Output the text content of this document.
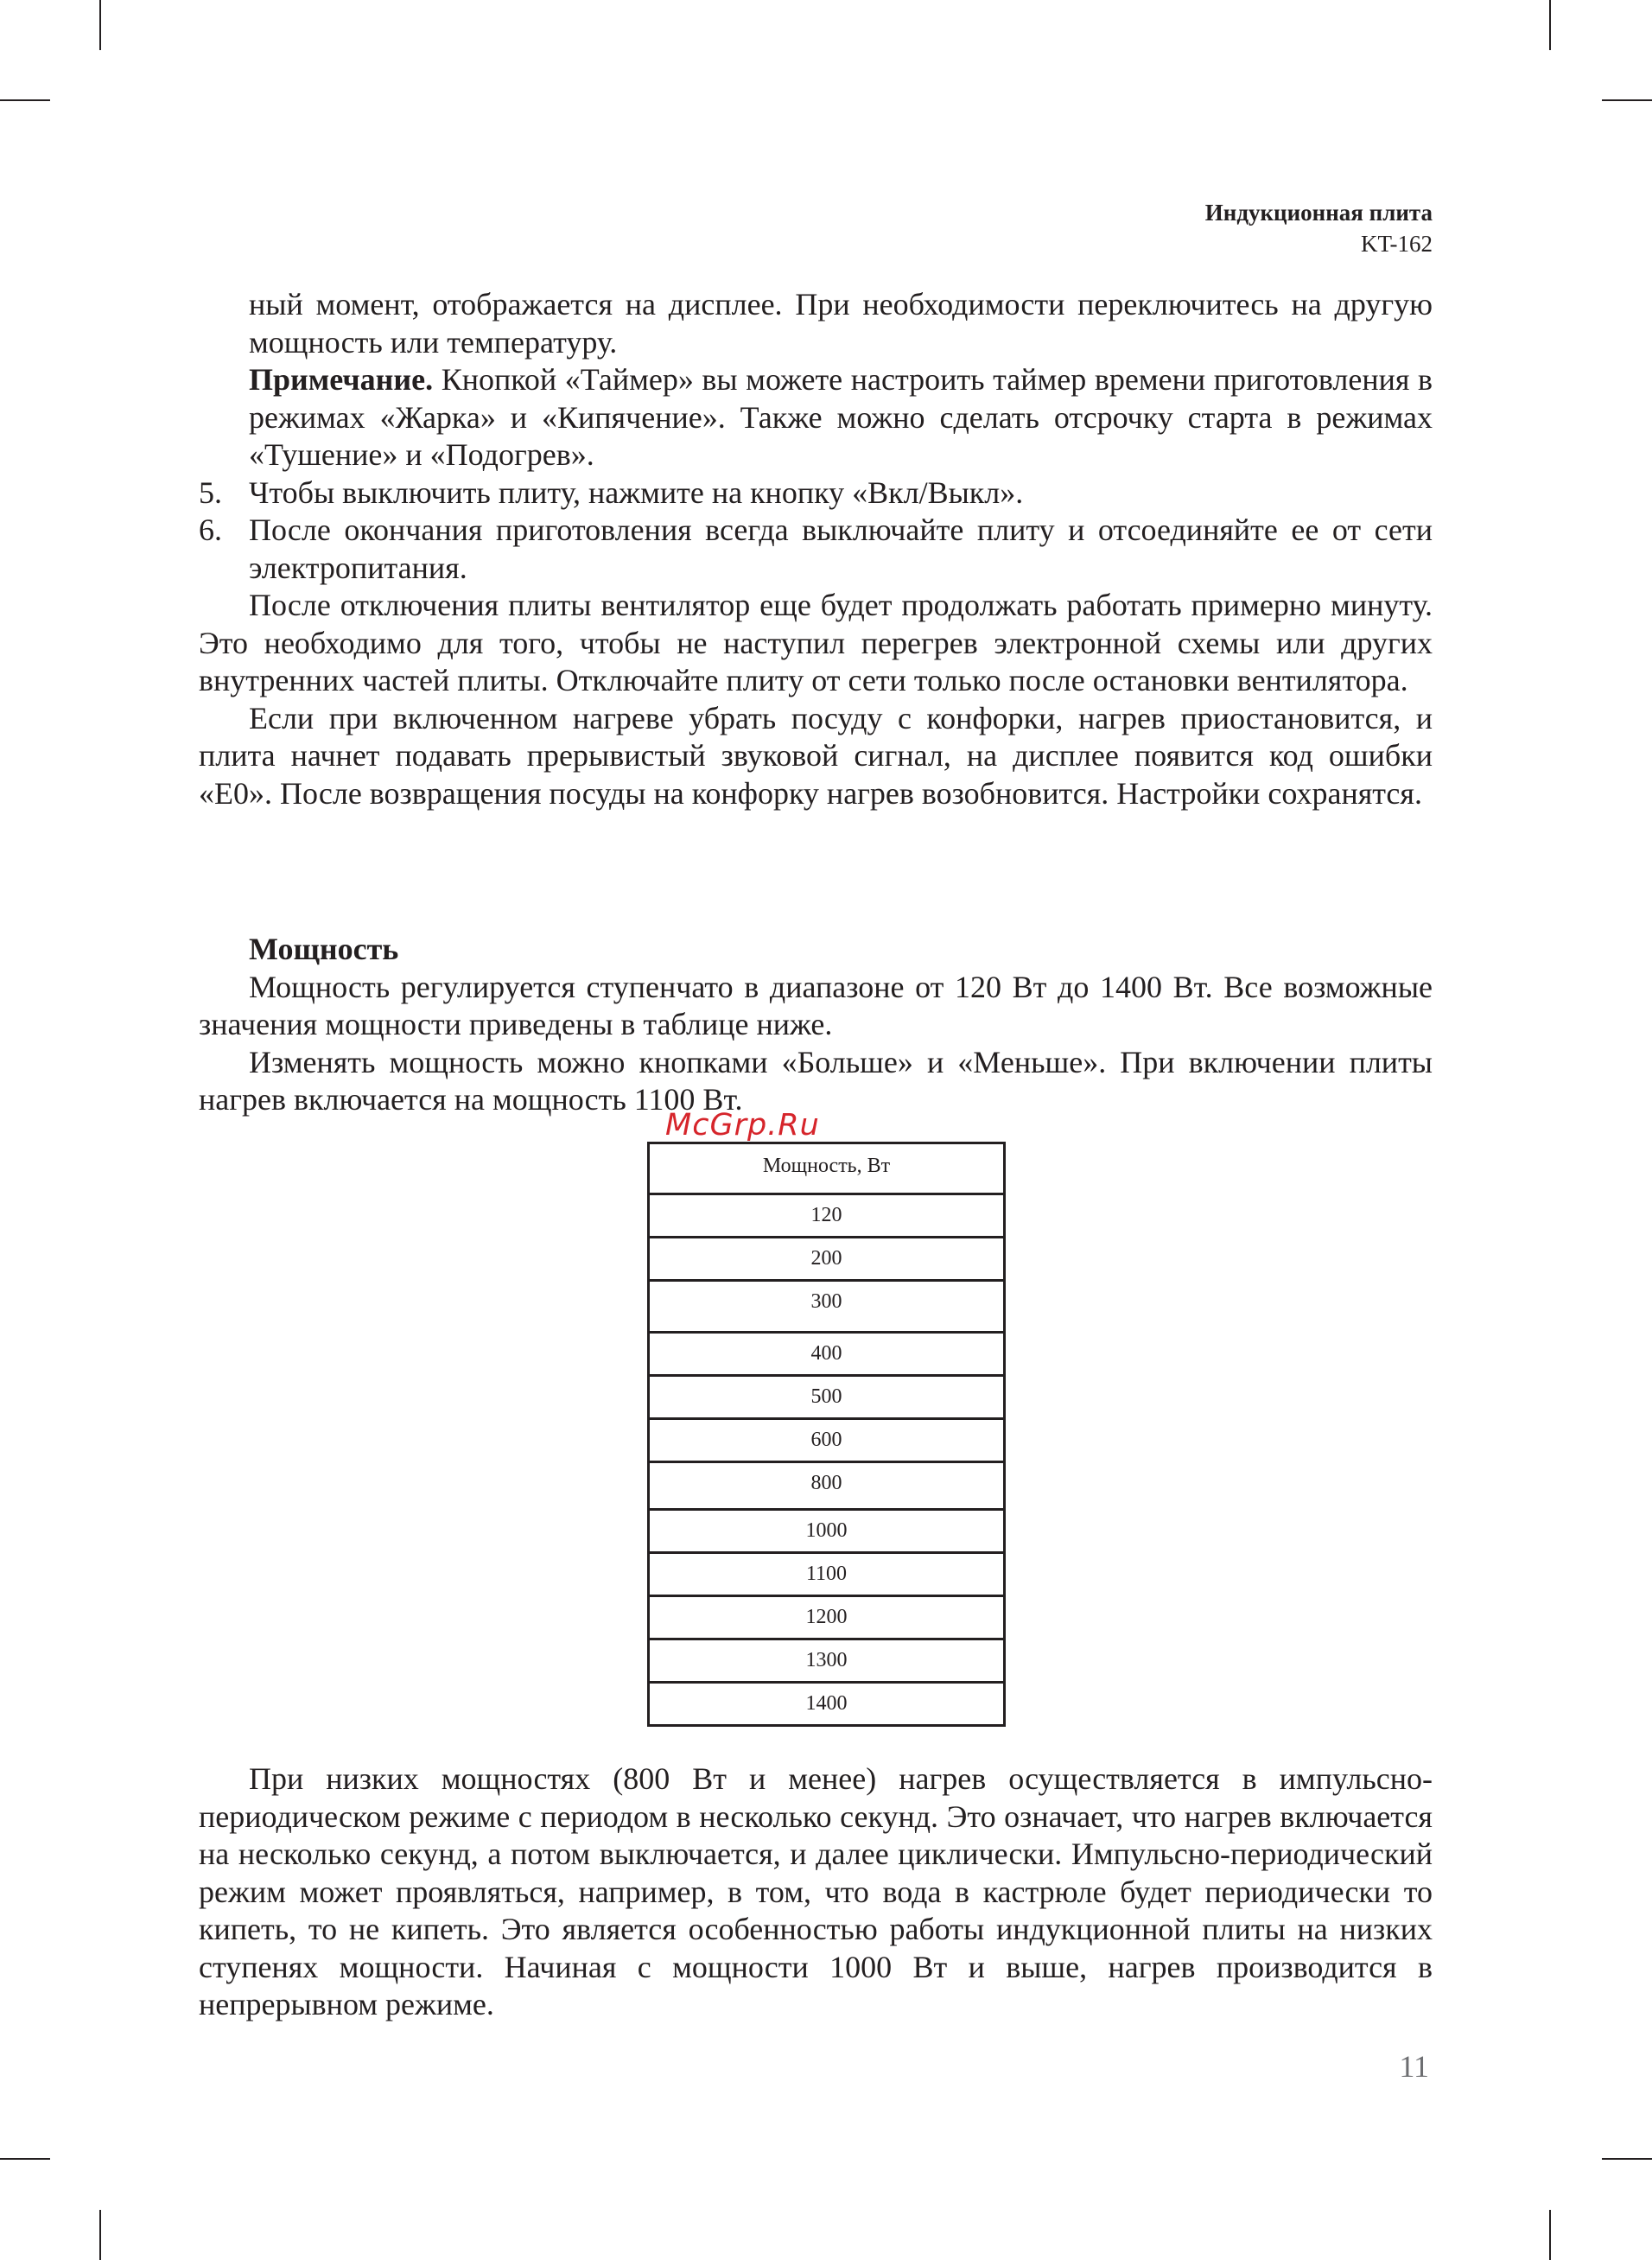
Индукционная плита
KT-162

ный момент, отображается на дисплее. При необходимости переключитесь на другую мощность или температуру.

Примечание. Кнопкой «Таймер» вы можете настроить таймер времени приготовления в режимах «Жарка» и «Кипячение». Также можно сделать отсрочку старта в режимах «Тушение» и «Подогрев».

5. Чтобы выключить плиту, нажмите на кнопку «Вкл/Выкл».

6. После окончания приготовления всегда выключайте плиту и отсоединяйте ее от сети электропитания.

После отключения плиты вентилятор еще будет продолжать работать примерно минуту. Это необходимо для того, чтобы не наступил перегрев электронной схемы или других внутренних частей плиты. Отключайте плиту от сети только после остановки вентилятора.

Если при включенном нагреве убрать посуду с конфорки, нагрев приостановится, и плита начнет подавать прерывистый звуковой сигнал, на дисплее появится код ошибки «E0». После возвращения посуды на конфорку нагрев возобновится. Настройки сохранятся.

Мощность

Мощность регулируется ступенчато в диапазоне от 120 Вт до 1400 Вт. Все возможные значения мощности приведены в таблице ниже.

Изменять мощность можно кнопками «Больше» и «Меньше». При включении плиты нагрев включается на мощность 1100 Вт.

McGrp.Ru
Мощность, Вт
120
200
300
400
500
600
800
1000
1100
1200
1300
1400

При низких мощностях (800 Вт и менее) нагрев осуществляется в импульсно-периодическом режиме с периодом в несколько секунд. Это означает, что нагрев включается на несколько секунд, а потом выключается, и далее циклически. Импульсно-периодический режим может проявляться, например, в том, что вода в кастрюле будет периодически то кипеть, то не кипеть. Это является особенностью работы индукционной плиты на низких ступенях мощности. Начиная с мощности 1000 Вт и выше, нагрев производится в непрерывном режиме.

11
